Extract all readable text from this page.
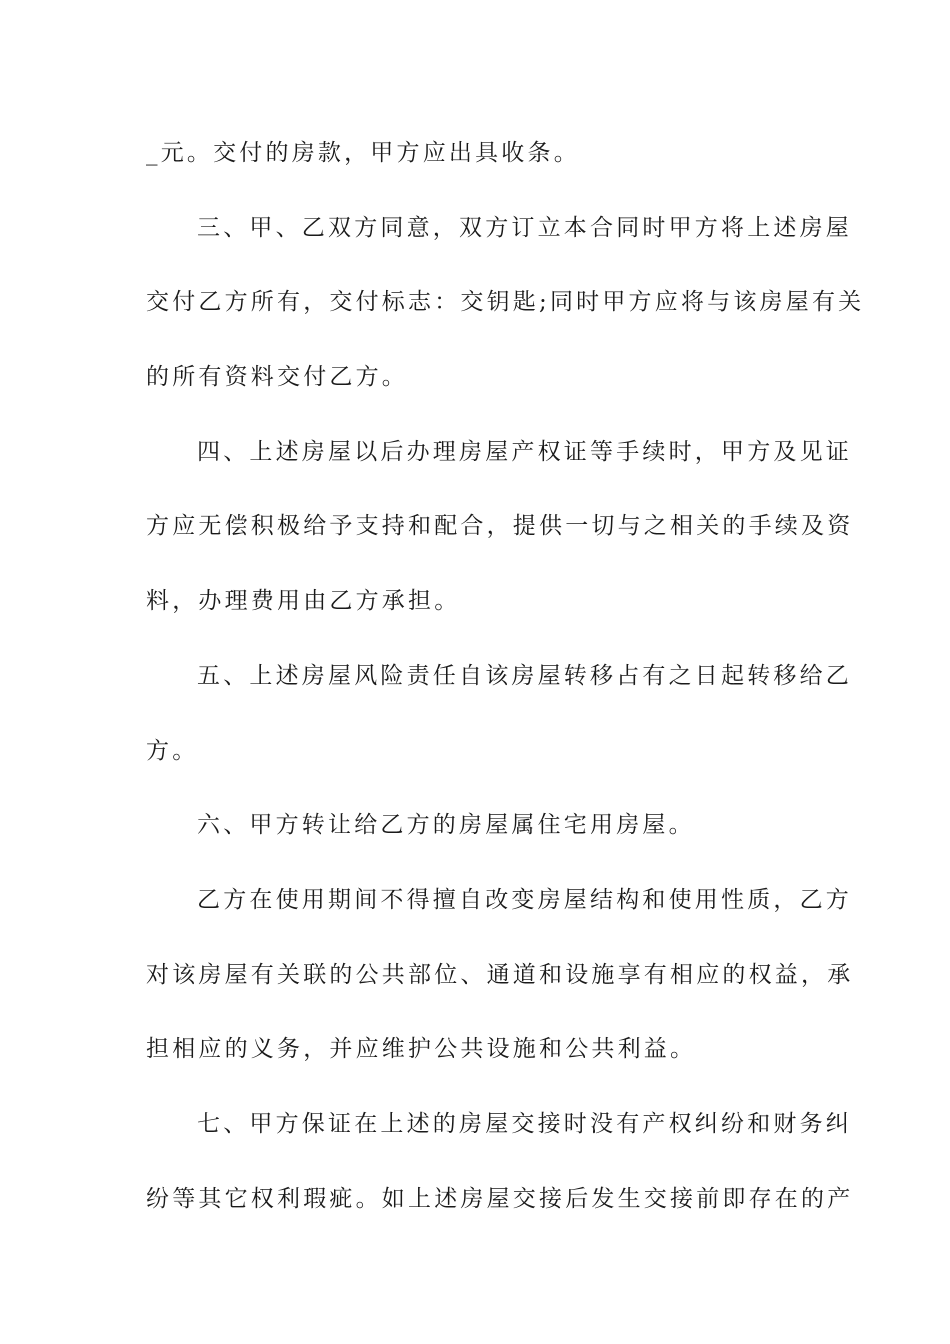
_元。交付的房款，甲方应出具收条。
三、甲、乙双方同意，双方订立本合同时甲方将上述房屋
交付乙方所有，交付标志：交钥匙;同时甲方应将与该房屋有关
的所有资料交付乙方。
四、上述房屋以后办理房屋产权证等手续时，甲方及见证
方应无偿积极给予支持和配合，提供一切与之相关的手续及资
料，办理费用由乙方承担。
五、上述房屋风险责任自该房屋转移占有之日起转移给乙
方。
六、甲方转让给乙方的房屋属住宅用房屋。
乙方在使用期间不得擅自改变房屋结构和使用性质，乙方
对该房屋有关联的公共部位、通道和设施享有相应的权益，承
担相应的义务，并应维护公共设施和公共利益。
七、甲方保证在上述的房屋交接时没有产权纠纷和财务纠
纷等其它权利瑕疵。如上述房屋交接后发生交接前即存在的产
